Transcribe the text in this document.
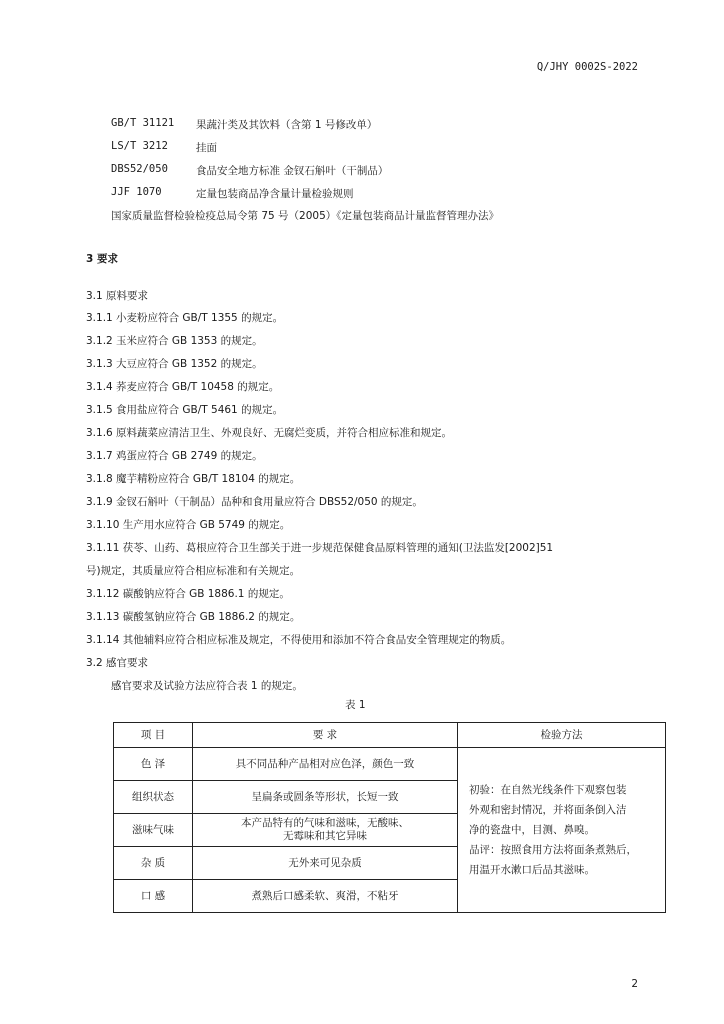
Q/JHY 0002S-2022
GB/T 31121 果蔬汁类及其饮料（含第 1 号修改单）
LS/T 3212	挂面
DBS52/050	食品安全地方标准 金钗石斛叶（干制品）
JJF 1070	定量包装商品净含量计量检验规则
国家质量监督检验检疫总局令第 75 号（2005）《定量包装商品计量监督管理办法》
3 要求
3.1 原料要求
3.1.1 小麦粉应符合 GB/T 1355 的规定。
3.1.2 玉米应符合 GB 1353 的规定。
3.1.3 大豆应符合 GB 1352 的规定。
3.1.4 荞麦应符合 GB/T 10458 的规定。
3.1.5 食用盐应符合 GB/T 5461 的规定。
3.1.6 原料蔬菜应清洁卫生、外观良好、无腐烂变质，并符合相应标准和规定。
3.1.7 鸡蛋应符合 GB 2749 的规定。
3.1.8 魔芋精粉应符合 GB/T 18104 的规定。
3.1.9 金钗石斛叶（干制品）品种和食用量应符合 DBS52/050 的规定。
3.1.10 生产用水应符合 GB 5749 的规定。
3.1.11 茯苓、山药、葛根应符合卫生部关于进一步规范保健食品原料管理的通知(卫法监发[2002]51
号)规定，其质量应符合相应标准和有关规定。
3.1.12 碳酸钠应符合 GB 1886.1 的规定。
3.1.13 碳酸氢钠应符合 GB 1886.2 的规定。
3.1.14 其他辅料应符合相应标准及规定，不得使用和添加不符合食品安全管理规定的物质。
3.2 感官要求
感官要求及试验方法应符合表 1 的规定。
表 1
项 目	要 求	检验方法
色 泽	具不同品种产品相对应色泽，颜色一致	初验：在自然光线条件下观察包装
外观和密封情况，并将面条倒入洁
净的瓷盘中，目测、鼻嗅。
品评：按照食用方法将面条煮熟后，
用温开水漱口后品其滋味。

组织状态	呈扁条或圆条等形状，长短一致	
滋味气味	本产品特有的气味和滋味，无酸味、
无霉味和其它异味	

杂 质	无外来可见杂质	
口 感	煮熟后口感柔软、爽滑，不粘牙	
2
